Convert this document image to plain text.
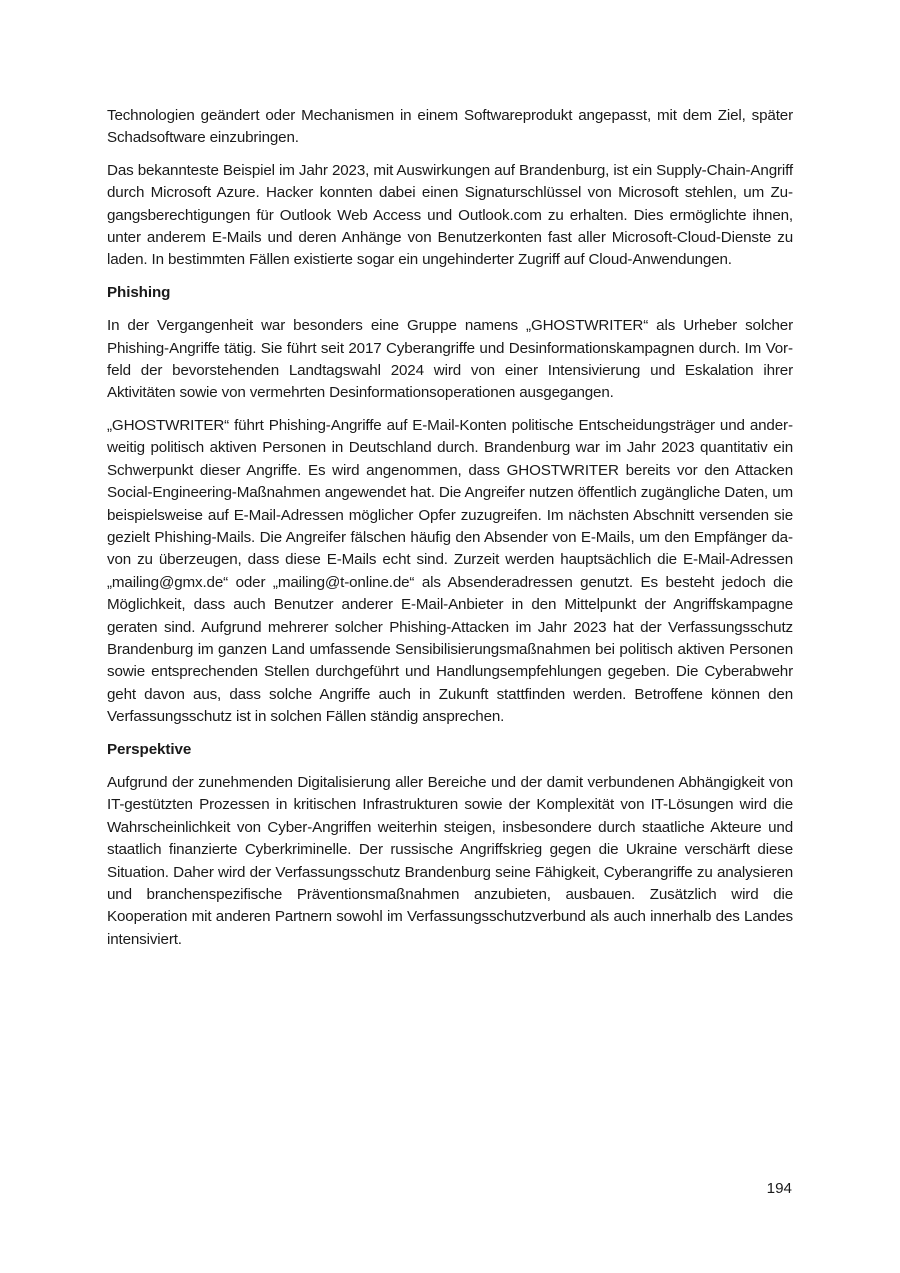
Technologien geändert oder Mechanismen in einem Softwareprodukt angepasst, mit dem Ziel, später Schadsoftware einzubringen.

Das bekannteste Beispiel im Jahr 2023, mit Auswirkungen auf Brandenburg, ist ein Supply-Chain-Angriff durch Microsoft Azure. Hacker konnten dabei einen Signaturschlüssel von Microsoft stehlen, um Zugangsberechtigungen für Outlook Web Access und Outlook.com zu erhalten. Dies ermöglichte ihnen, unter anderem E-Mails und deren Anhänge von Benutzerkonten fast aller Microsoft-Cloud-Dienste zu laden. In bestimmten Fällen existierte sogar ein ungehinderter Zugriff auf Cloud-Anwendungen.

Phishing

In der Vergangenheit war besonders eine Gruppe namens „GHOSTWRITER“ als Urheber solcher Phishing-Angriffe tätig. Sie führt seit 2017 Cyberangriffe und Desinformationskampagnen durch. Im Vorfeld der bevorstehenden Landtagswahl 2024 wird von einer Intensivierung und Eskalation ihrer Aktivitäten sowie von vermehrten Desinformationsoperationen ausgegangen.

„GHOSTWRITER“ führt Phishing-Angriffe auf E-Mail-Konten politische Entscheidungsträger und anderweitig politisch aktiven Personen in Deutschland durch. Brandenburg war im Jahr 2023 quantitativ ein Schwerpunkt dieser Angriffe. Es wird angenommen, dass GHOSTWRITER bereits vor den Attacken Social-Engineering-Maßnahmen angewendet hat. Die Angreifer nutzen öffentlich zugängliche Daten, um beispielsweise auf E-Mail-Adressen möglicher Opfer zuzugreifen. Im nächsten Abschnitt versenden sie gezielt Phishing-Mails. Die Angreifer fälschen häufig den Absender von E-Mails, um den Empfänger davon zu überzeugen, dass diese E-Mails echt sind. Zurzeit werden hauptsächlich die E-Mail-Adressen „mailing@gmx.de“ oder „mailing@t-online.de“ als Absenderadressen genutzt. Es besteht jedoch die Möglichkeit, dass auch Benutzer anderer E-Mail-Anbieter in den Mittelpunkt der Angriffskampagne geraten sind. Aufgrund mehrerer solcher Phishing-Attacken im Jahr 2023 hat der Verfassungsschutz Brandenburg im ganzen Land umfassende Sensibilisierungsmaßnahmen bei politisch aktiven Personen sowie entsprechenden Stellen durchgeführt und Handlungsempfehlungen gegeben. Die Cyberabwehr geht davon aus, dass solche Angriffe auch in Zukunft stattfinden werden. Betroffene können den Verfassungsschutz ist in solchen Fällen ständig ansprechen.

Perspektive

Aufgrund der zunehmenden Digitalisierung aller Bereiche und der damit verbundenen Abhängigkeit von IT-gestützten Prozessen in kritischen Infrastrukturen sowie der Komplexität von IT-Lösungen wird die Wahrscheinlichkeit von Cyber-Angriffen weiterhin steigen, insbesondere durch staatliche Akteure und staatlich finanzierte Cyberkriminelle. Der russische Angriffskrieg gegen die Ukraine verschärft diese Situation. Daher wird der Verfassungsschutz Brandenburg seine Fähigkeit, Cyberangriffe zu analysieren und branchenspezifische Präventionsmaßnahmen anzubieten, ausbauen. Zusätzlich wird die Kooperation mit anderen Partnern sowohl im Verfassungsschutzverbund als auch innerhalb des Landes intensiviert.

194
